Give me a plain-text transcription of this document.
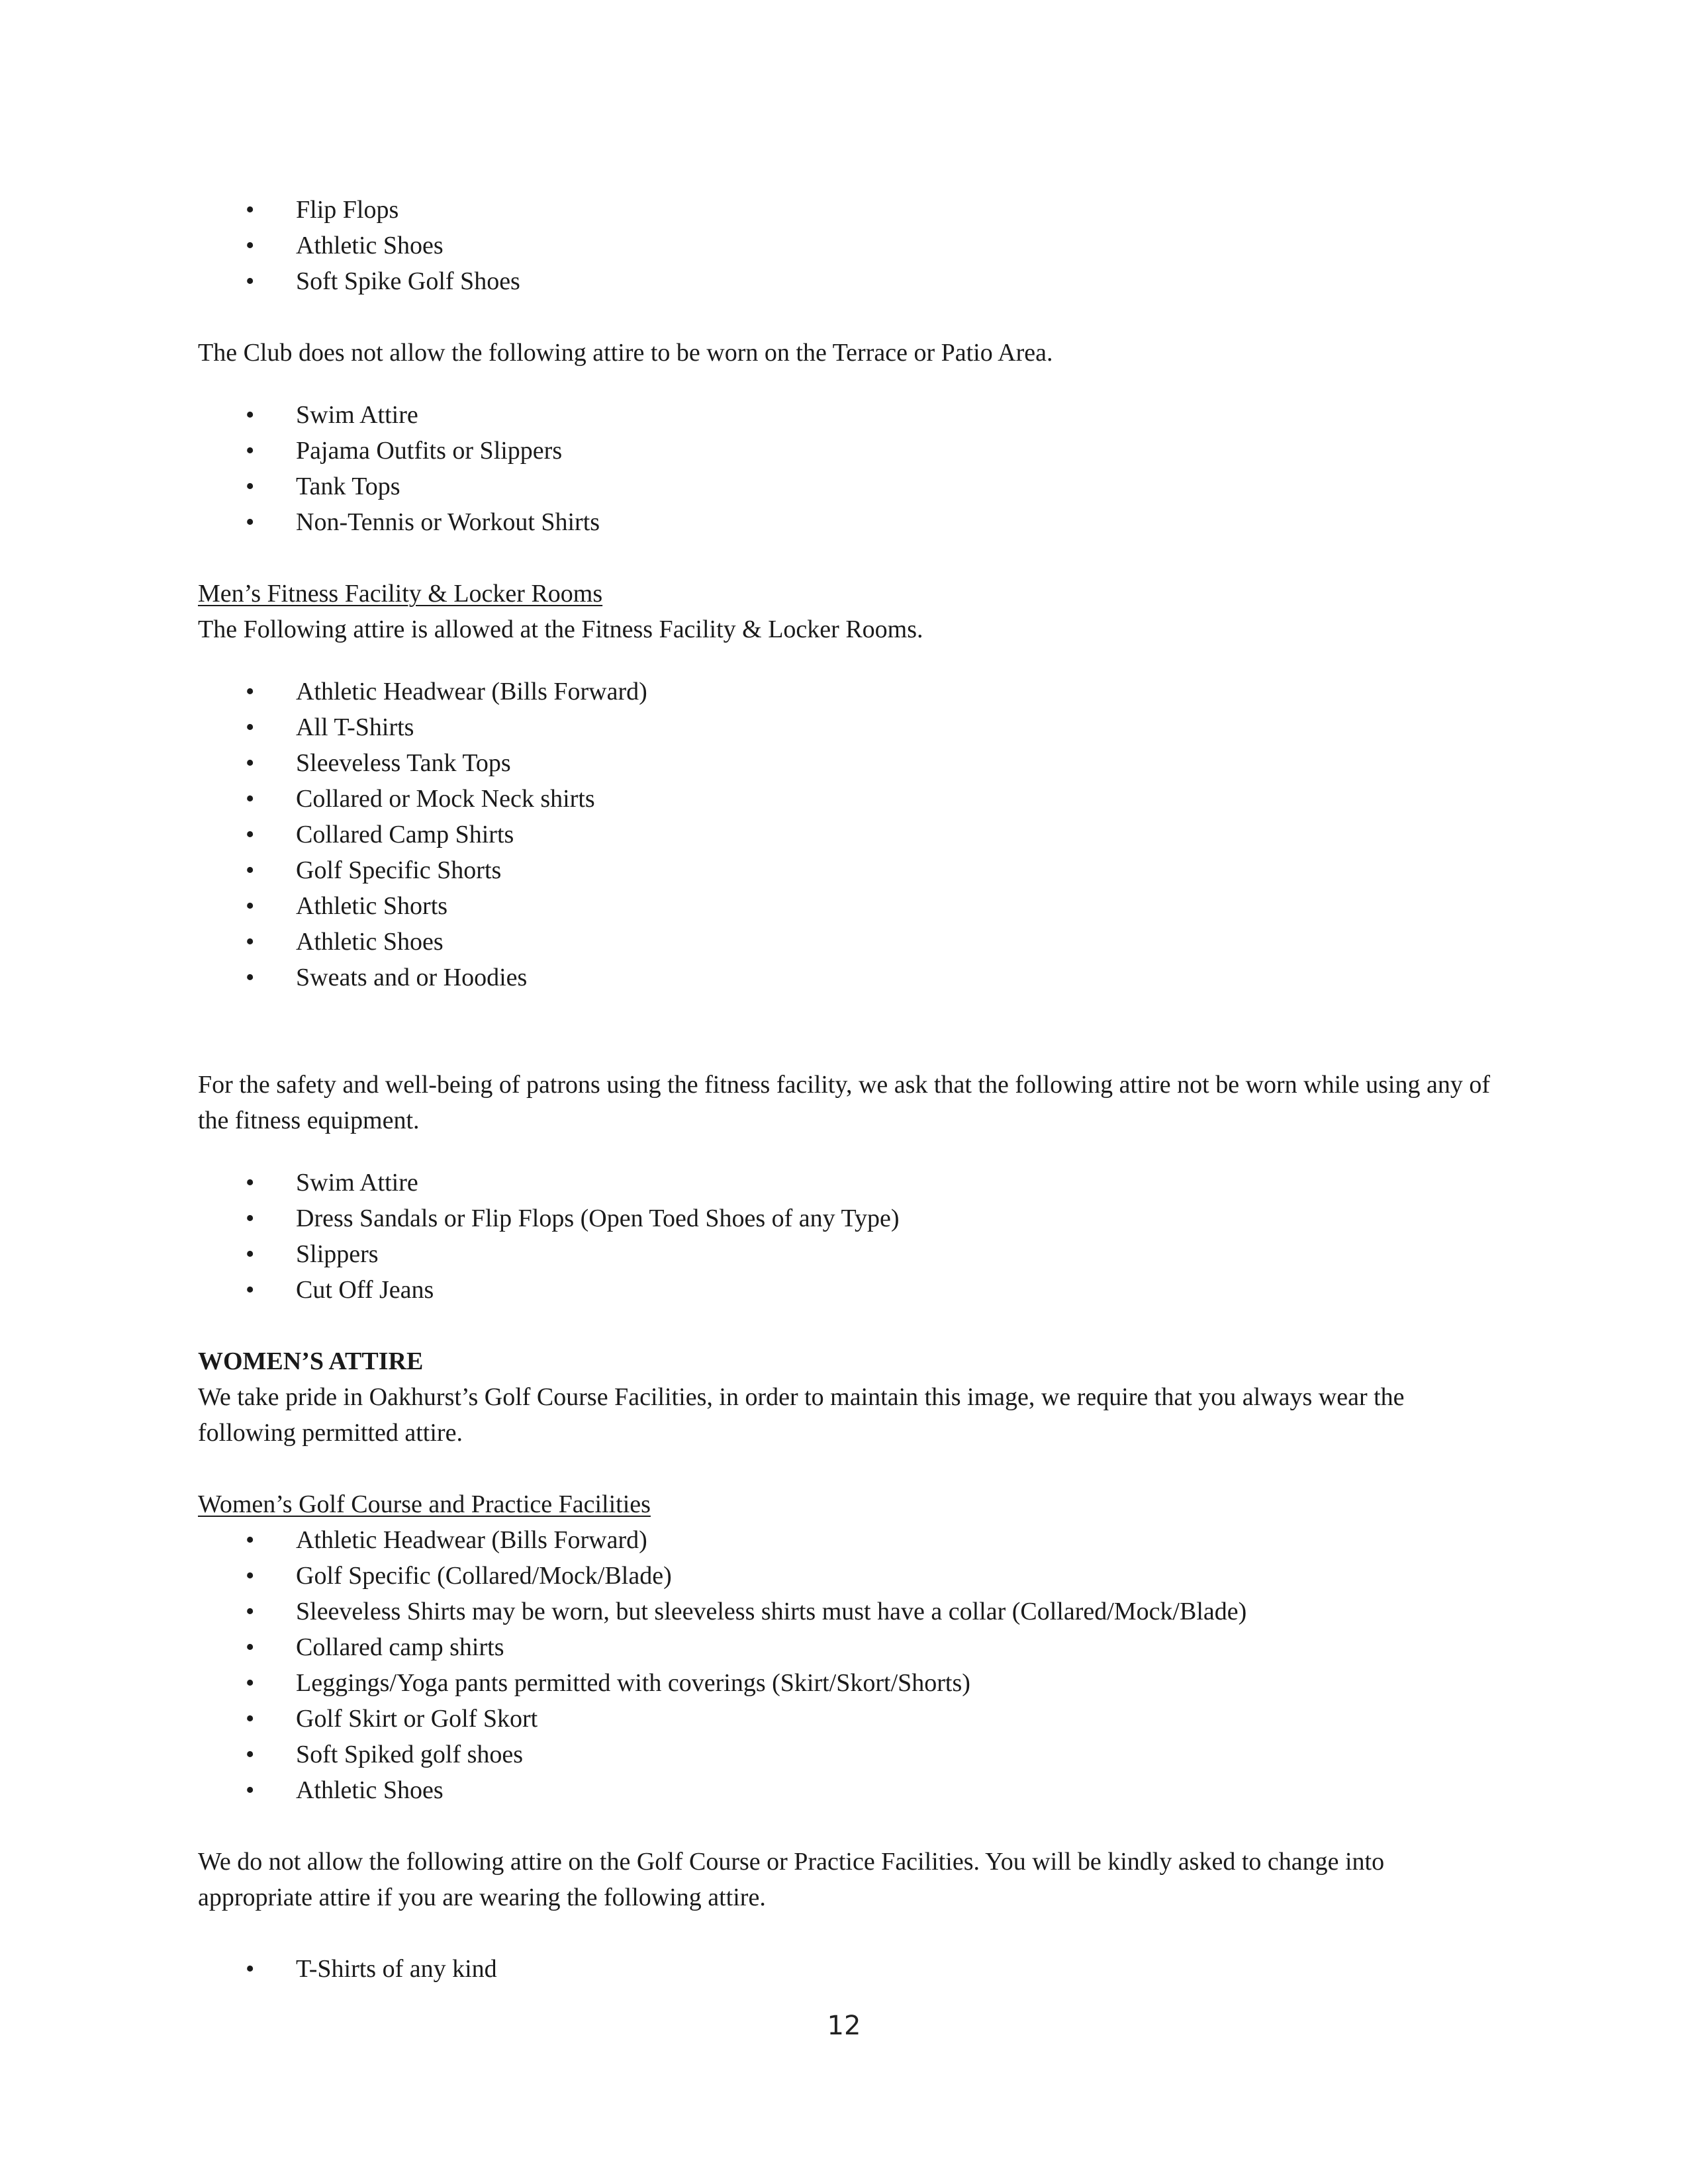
• Flip Flops
• Athletic Shoes
• Soft Spike Golf Shoes

The Club does not allow the following attire to be worn on the Terrace or Patio Area.

• Swim Attire
• Pajama Outfits or Slippers
• Tank Tops
• Non-Tennis or Workout Shirts

Men’s Fitness Facility & Locker Rooms

The Following attire is allowed at the Fitness Facility & Locker Rooms.

• Athletic Headwear (Bills Forward)
• All T-Shirts
• Sleeveless Tank Tops
• Collared or Mock Neck shirts
• Collared Camp Shirts
• Golf Specific Shorts
• Athletic Shorts
• Athletic Shoes
• Sweats and or Hoodies

For the safety and well-being of patrons using the fitness facility, we ask that the following attire not be worn while using any of the fitness equipment.

• Swim Attire
• Dress Sandals or Flip Flops (Open Toed Shoes of any Type)
• Slippers
• Cut Off Jeans

WOMEN’S ATTIRE

We take pride in Oakhurst’s Golf Course Facilities, in order to maintain this image, we require that you always wear the following permitted attire.

Women’s Golf Course and Practice Facilities

• Athletic Headwear (Bills Forward)
• Golf Specific (Collared/Mock/Blade)
• Sleeveless Shirts may be worn, but sleeveless shirts must have a collar (Collared/Mock/Blade)
• Collared camp shirts
• Leggings/Yoga pants permitted with coverings (Skirt/Skort/Shorts)
• Golf Skirt or Golf Skort
• Soft Spiked golf shoes
• Athletic Shoes

We do not allow the following attire on the Golf Course or Practice Facilities. You will be kindly asked to change into appropriate attire if you are wearing the following attire.

• T-Shirts of any kind
12
